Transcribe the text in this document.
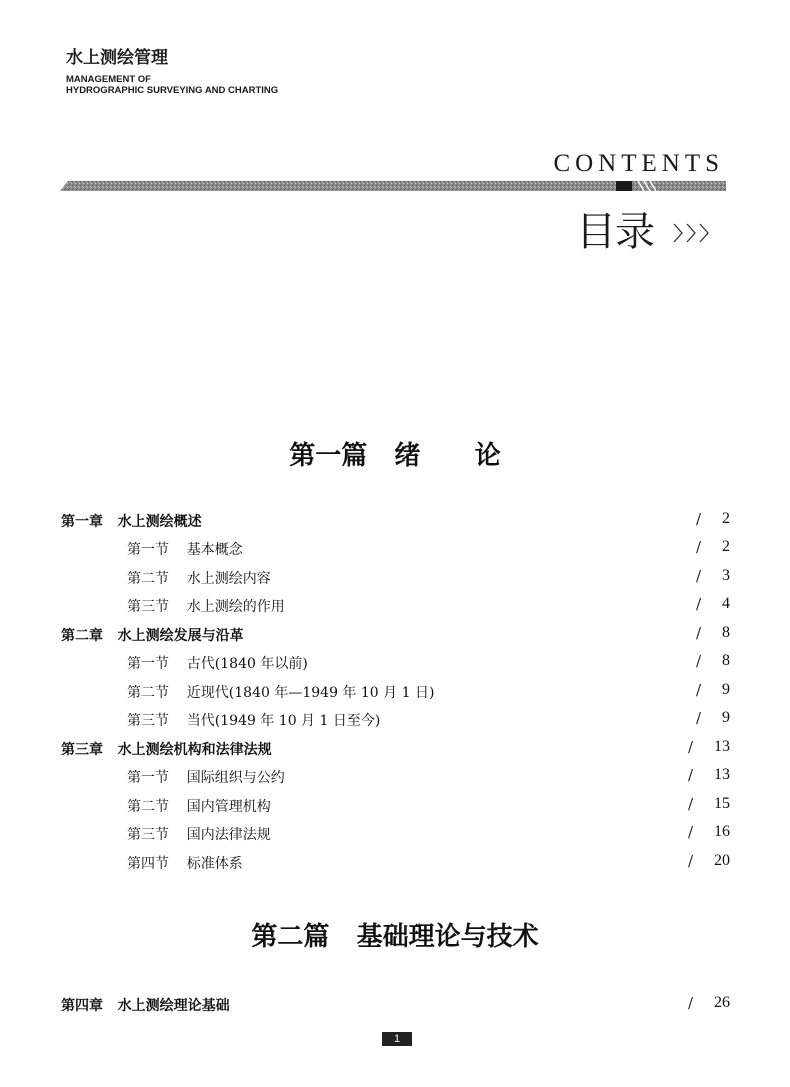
水上测绘管理
MANAGEMENT OF
HYDROGRAPHIC SURVEYING AND CHARTING
CONTENTS
目录
第一篇   绪      论
第一章   水上测绘概述	/ 2
第一节    基本概念	/ 2
第二节    水上测绘内容	/ 3
第三节    水上测绘的作用	/ 4
第二章   水上测绘发展与沿革	/ 8
第一节    古代(1840 年以前)	/ 8
第二节    近现代(1840 年—1949 年 10 月 1 日)	/ 9
第三节    当代(1949 年 10 月 1 日至今)	/ 9
第三章   水上测绘机构和法律法规	/ 13
第一节    国际组织与公约	/ 13
第二节    国内管理机构	/ 15
第三节    国内法律法规	/ 16
第四节    标准体系	/ 20
第二篇   基础理论与技术
第四章   水上测绘理论基础	/ 26
1
